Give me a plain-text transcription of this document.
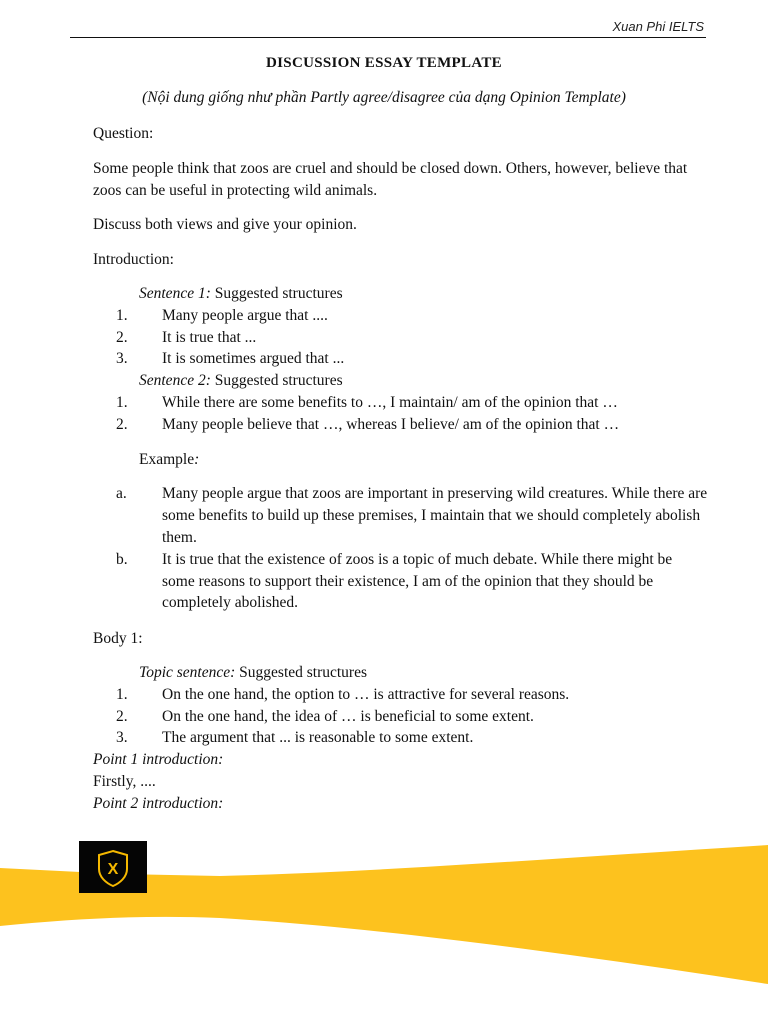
Xuan Phi IELTS
DISCUSSION ESSAY TEMPLATE
(Nội dung giống như phần Partly agree/disagree của dạng Opinion Template)

Question:

Some people think that zoos are cruel and should be closed down. Others, however, believe that zoos can be useful in protecting wild animals.

Discuss both views and give your opinion.

Introduction:

Sentence 1: Suggested structures

1. Many people argue that ....
2. It is true that ...
3. It is sometimes argued that ...

Sentence 2: Suggested structures

1. While there are some benefits to …, I maintain/ am of the opinion that …
2. Many people believe that …, whereas I believe/ am of the opinion that …

Example:

a. Many people argue that zoos are important in preserving wild creatures. While there are some benefits to build up these premises, I maintain that we should completely abolish them.
b. It is true that the existence of zoos is a topic of much debate. While there might be some reasons to support their existence, I am of the opinion that they should be completely abolished.

Body 1:

Topic sentence: Suggested structures

1. On the one hand, the option to … is attractive for several reasons.
2. On the one hand, the idea of … is beneficial to some extent.
3. The argument that ... is reasonable to some extent.

Point 1 introduction:

Firstly, ....

Point 2 introduction:

X
